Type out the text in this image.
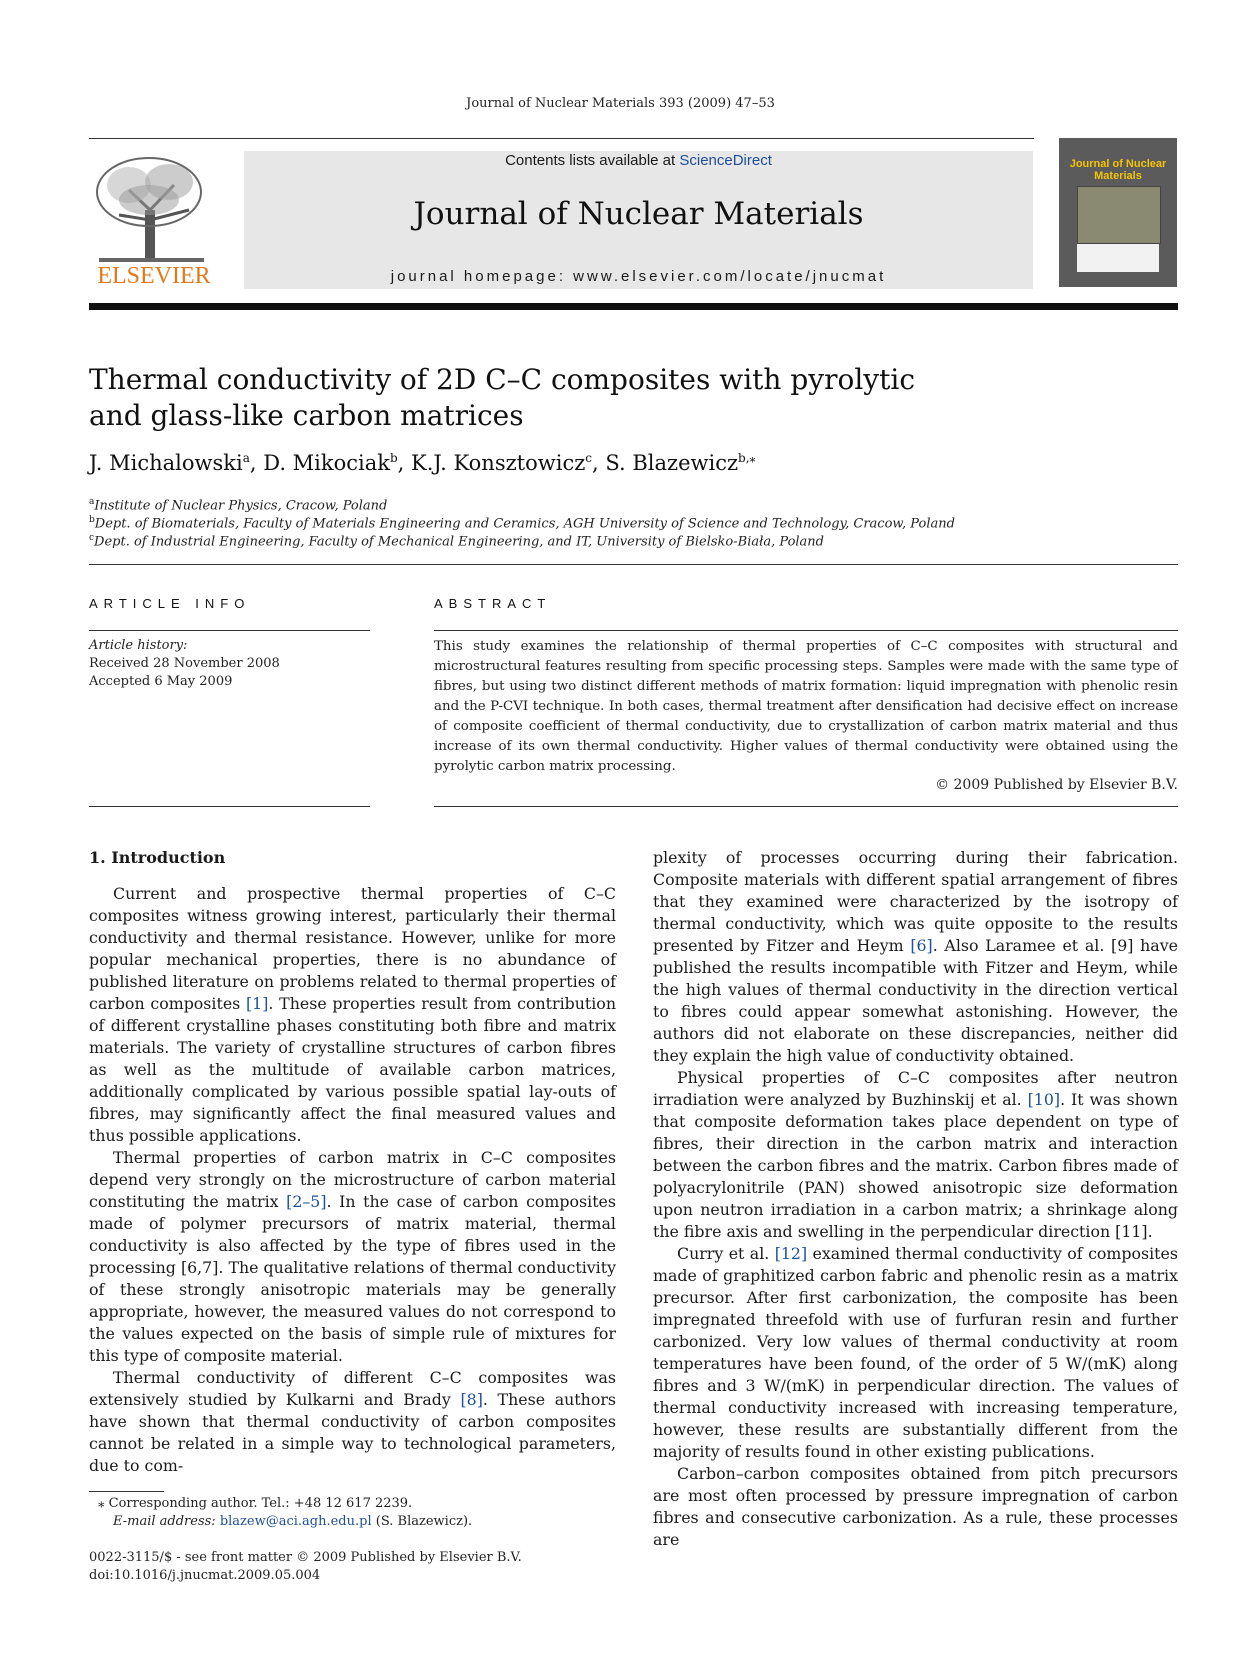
Journal of Nuclear Materials 393 (2009) 47–53
ELSEVIER
Contents lists available at ScienceDirect
Journal of Nuclear Materials
journal homepage: www.elsevier.com/locate/jnucmat
Journal of Nuclear Materials
Thermal conductivity of 2D C–C composites with pyrolytic
and glass-like carbon matrices
J. Michalowski$^a$, D. Mikociak$^b$, K.J. Konsztowicz$^c$, S. Blazewicz$^{b,⁎}$
$^a$Institute of Nuclear Physics, Cracow, Poland
$^b$Dept. of Biomaterials, Faculty of Materials Engineering and Ceramics, AGH University of Science and Technology, Cracow, Poland
$^c$Dept. of Industrial Engineering, Faculty of Mechanical Engineering, and IT, University of Bielsko-Biała, Poland
ARTICLE INFO
Article history:
Received 28 November 2008
Accepted 6 May 2009
ABSTRACT
This study examines the relationship of thermal properties of C–C composites with structural and microstructural features resulting from specific processing steps. Samples were made with the same type of fibres, but using two distinct different methods of matrix formation: liquid impregnation with phenolic resin and the P-CVI technique. In both cases, thermal treatment after densification had decisive effect on increase of composite coefficient of thermal conductivity, due to crystallization of carbon matrix material and thus increase of its own thermal conductivity. Higher values of thermal conductivity were obtained using the pyrolytic carbon matrix processing.
© 2009 Published by Elsevier B.V.

1. Introduction

Current and prospective thermal properties of C–C composites witness growing interest, particularly their thermal conductivity and thermal resistance. However, unlike for more popular mechanical properties, there is no abundance of published literature on problems related to thermal properties of carbon composites [1]. These properties result from contribution of different crystalline phases constituting both fibre and matrix materials. The variety of crystalline structures of carbon fibres as well as the multitude of available carbon matrices, additionally complicated by various possible spatial lay-outs of fibres, may significantly affect the final measured values and thus possible applications.

Thermal properties of carbon matrix in C–C composites depend very strongly on the microstructure of carbon material constituting the matrix [2–5]. In the case of carbon composites made of polymer precursors of matrix material, thermal conductivity is also affected by the type of fibres used in the processing [6,7]. The qualitative relations of thermal conductivity of these strongly anisotropic materials may be generally appropriate, however, the measured values do not correspond to the values expected on the basis of simple rule of mixtures for this type of composite material.

Thermal conductivity of different C–C composites was extensively studied by Kulkarni and Brady [8]. These authors have shown that thermal conductivity of carbon composites cannot be related in a simple way to technological parameters, due to com-

plexity of processes occurring during their fabrication. Composite materials with different spatial arrangement of fibres that they examined were characterized by the isotropy of thermal conductivity, which was quite opposite to the results presented by Fitzer and Heym [6]. Also Laramee et al. [9] have published the results incompatible with Fitzer and Heym, while the high values of thermal conductivity in the direction vertical to fibres could appear somewhat astonishing. However, the authors did not elaborate on these discrepancies, neither did they explain the high value of conductivity obtained.

Physical properties of C–C composites after neutron irradiation were analyzed by Buzhinskij et al. [10]. It was shown that composite deformation takes place dependent on type of fibres, their direction in the carbon matrix and interaction between the carbon fibres and the matrix. Carbon fibres made of polyacrylonitrile (PAN) showed anisotropic size deformation upon neutron irradiation in a carbon matrix; a shrinkage along the fibre axis and swelling in the perpendicular direction [11].

Curry et al. [12] examined thermal conductivity of composites made of graphitized carbon fabric and phenolic resin as a matrix precursor. After first carbonization, the composite has been impregnated threefold with use of furfuran resin and further carbonized. Very low values of thermal conductivity at room temperatures have been found, of the order of 5 W/(mK) along fibres and 3 W/(mK) in perpendicular direction. The values of thermal conductivity increased with increasing temperature, however, these results are substantially different from the majority of results found in other existing publications.

Carbon–carbon composites obtained from pitch precursors are most often processed by pressure impregnation of carbon fibres and consecutive carbonization. As a rule, these processes are

⁎ Corresponding author. Tel.: +48 12 617 2239.
E-mail address: blazew@aci.agh.edu.pl (S. Blazewicz).
0022-3115/$ - see front matter © 2009 Published by Elsevier B.V.
doi:10.1016/j.jnucmat.2009.05.004
